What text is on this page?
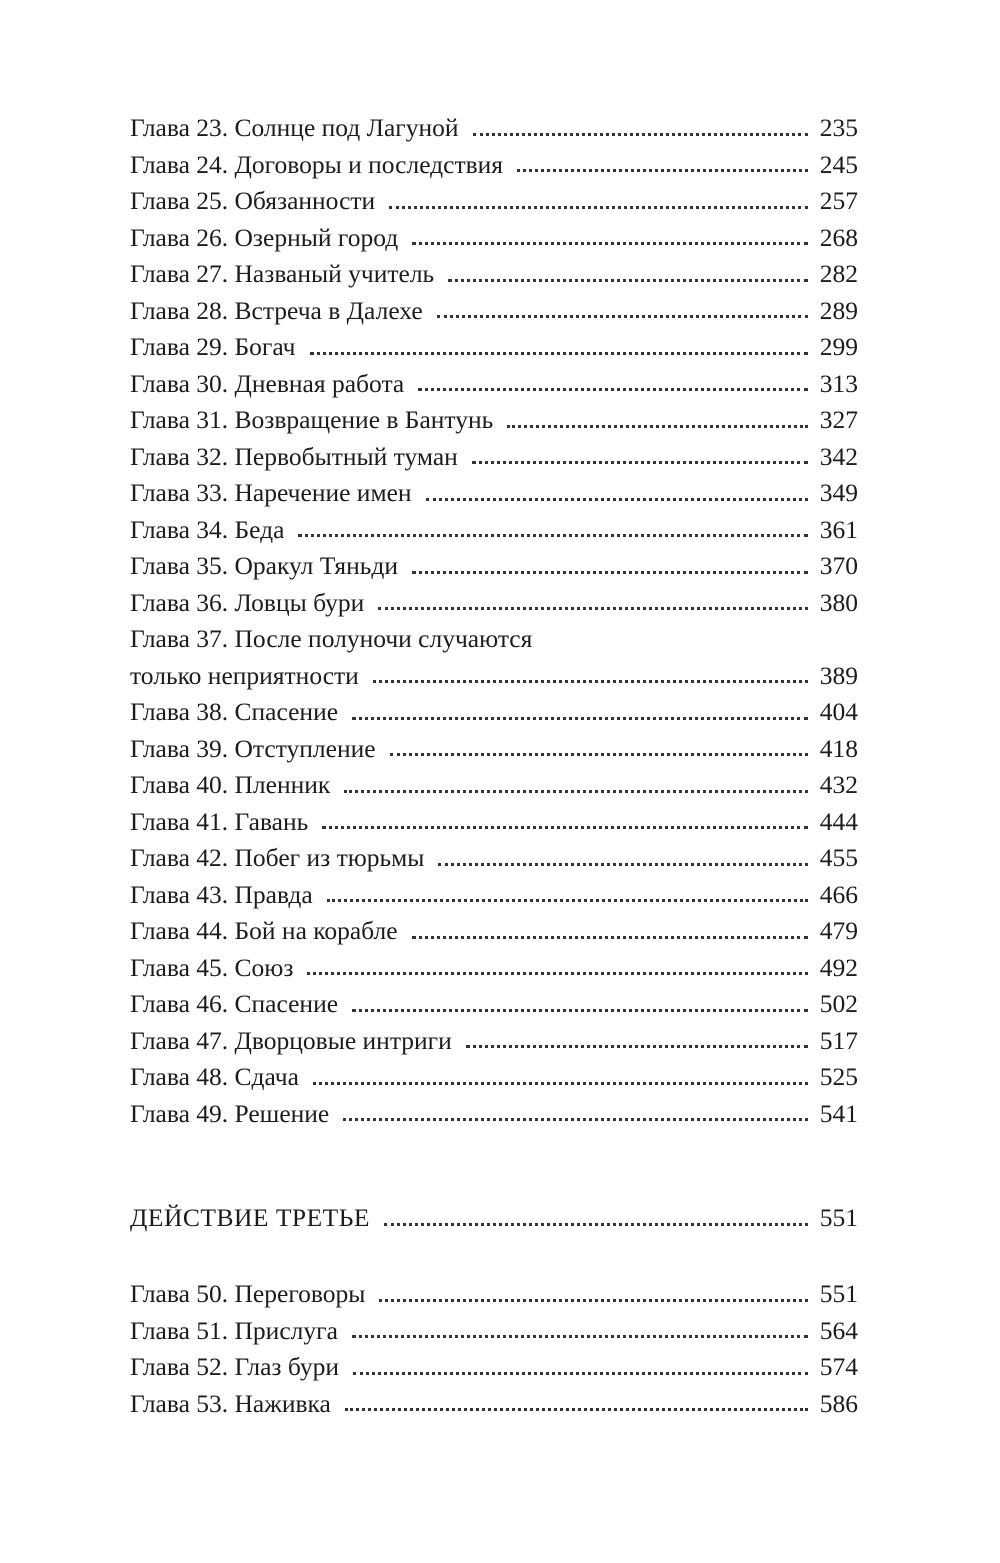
Глава 23. Солнце под Лагуной	235
Глава 24. Договоры и последствия	245
Глава 25. Обязанности	257
Глава 26. Озерный город	268
Глава 27. Названый учитель	282
Глава 28. Встреча в Далехе	289
Глава 29. Богач	299
Глава 30. Дневная работа	313
Глава 31. Возвращение в Бантунь	327
Глава 32. Первобытный туман	342
Глава 33. Наречение имен	349
Глава 34. Беда	361
Глава 35. Оракул Тяньди	370
Глава 36. Ловцы бури	380
Глава 37. После полуночи случаются
только неприятности	389
Глава 38. Спасение	404
Глава 39. Отступление	418
Глава 40. Пленник	432
Глава 41. Гавань	444
Глава 42. Побег из тюрьмы	455
Глава 43. Правда	466
Глава 44. Бой на корабле	479
Глава 45. Союз	492
Глава 46. Спасение	502
Глава 47. Дворцовые интриги	517
Глава 48. Сдача	525
Глава 49. Решение	541
ДЕЙСТВИЕ ТРЕТЬЕ	551
Глава 50. Переговоры	551
Глава 51. Прислуга	564
Глава 52. Глаз бури	574
Глава 53. Наживка	586
